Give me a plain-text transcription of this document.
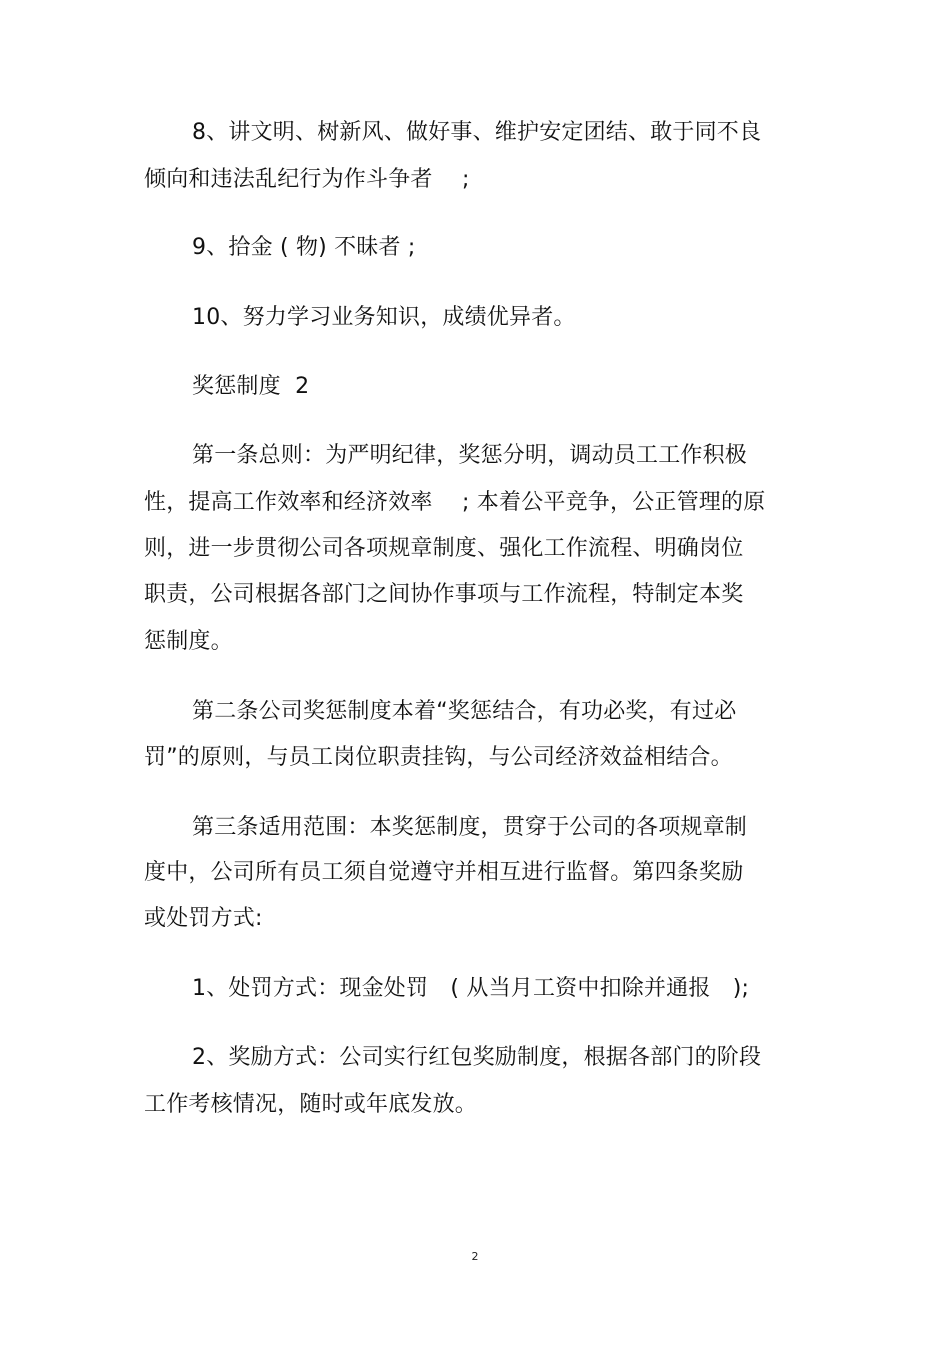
8、讲文明、树新风、做好事、维护安定团结、敢于同不良
倾向和违法乱纪行为作斗争者　 ;
9、拾金 ( 物) 不昧者 ;
10、努力学习业务知识，成绩优异者。
奖惩制度  2
第一条总则：为严明纪律，奖惩分明，调动员工工作积极
性，提高工作效率和经济效率　 ; 本着公平竞争，公正管理的原
则，进一步贯彻公司各项规章制度、强化工作流程、明确岗位
职责，公司根据各部门之间协作事项与工作流程，特制定本奖
惩制度。
第二条公司奖惩制度本着“奖惩结合，有功必奖，有过必
罚”的原则，与员工岗位职责挂钩，与公司经济效益相结合。
第三条适用范围：本奖惩制度，贯穿于公司的各项规章制
度中，公司所有员工须自觉遵守并相互进行监督。第四条奖励
或处罚方式:
1、处罚方式：现金处罚　( 从当月工资中扣除并通报　);
2、奖励方式：公司实行红包奖励制度，根据各部门的阶段
工作考核情况，随时或年底发放。
2
